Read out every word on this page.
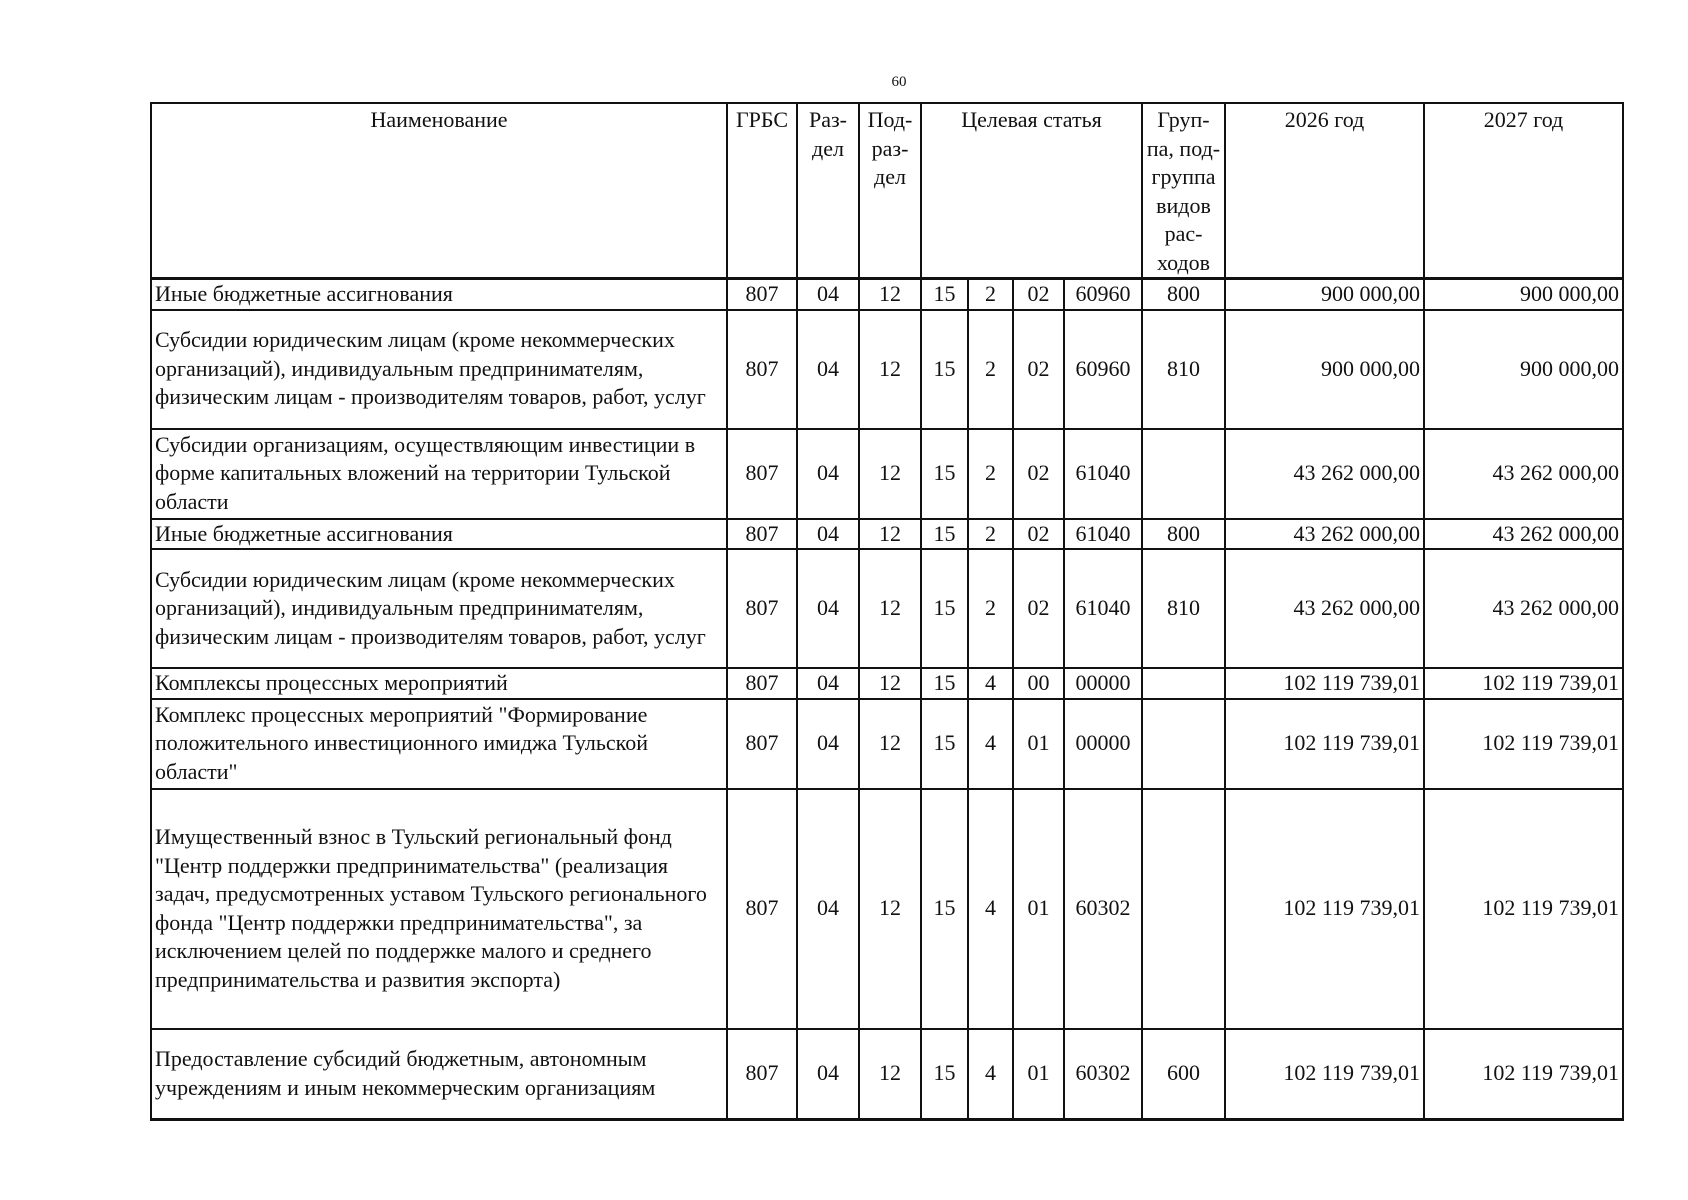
60
Наименование	ГРБС	Раз- дел	Под- раз- дел	Целевая статья				Груп- па, под- группа видов рас- ходов	2026 год	2027 год
Иные бюджетные ассигнования	807	04	12	15	2	02	60960	800	900 000,00	900 000,00
Субсидии юридическим лицам (кроме некоммерческих организаций), индивидуальным предпринимателям, физическим лицам - производителям товаров, работ, услуг	807	04	12	15	2	02	60960	810	900 000,00	900 000,00
Субсидии организациям, осуществляющим инвестиции в форме капитальных вложений на территории Тульской области	807	04	12	15	2	02	61040		43 262 000,00	43 262 000,00
Иные бюджетные ассигнования	807	04	12	15	2	02	61040	800	43 262 000,00	43 262 000,00
Субсидии юридическим лицам (кроме некоммерческих организаций), индивидуальным предпринимателям, физическим лицам - производителям товаров, работ, услуг	807	04	12	15	2	02	61040	810	43 262 000,00	43 262 000,00
Комплексы процессных мероприятий	807	04	12	15	4	00	00000		102 119 739,01	102 119 739,01
Комплекс процессных мероприятий "Формирование положительного инвестиционного имиджа Тульской области"	807	04	12	15	4	01	00000		102 119 739,01	102 119 739,01
Имущественный взнос в Тульский региональный фонд "Центр поддержки предпринимательства" (реализация задач, предусмотренных уставом Тульского регионального фонда "Центр поддержки предпринимательства", за исключением целей по поддержке малого и среднего предпринимательства и развития экспорта)	807	04	12	15	4	01	60302		102 119 739,01	102 119 739,01
Предоставление субсидий бюджетным, автономным учреждениям и иным некоммерческим организациям	807	04	12	15	4	01	60302	600	102 119 739,01	102 119 739,01
